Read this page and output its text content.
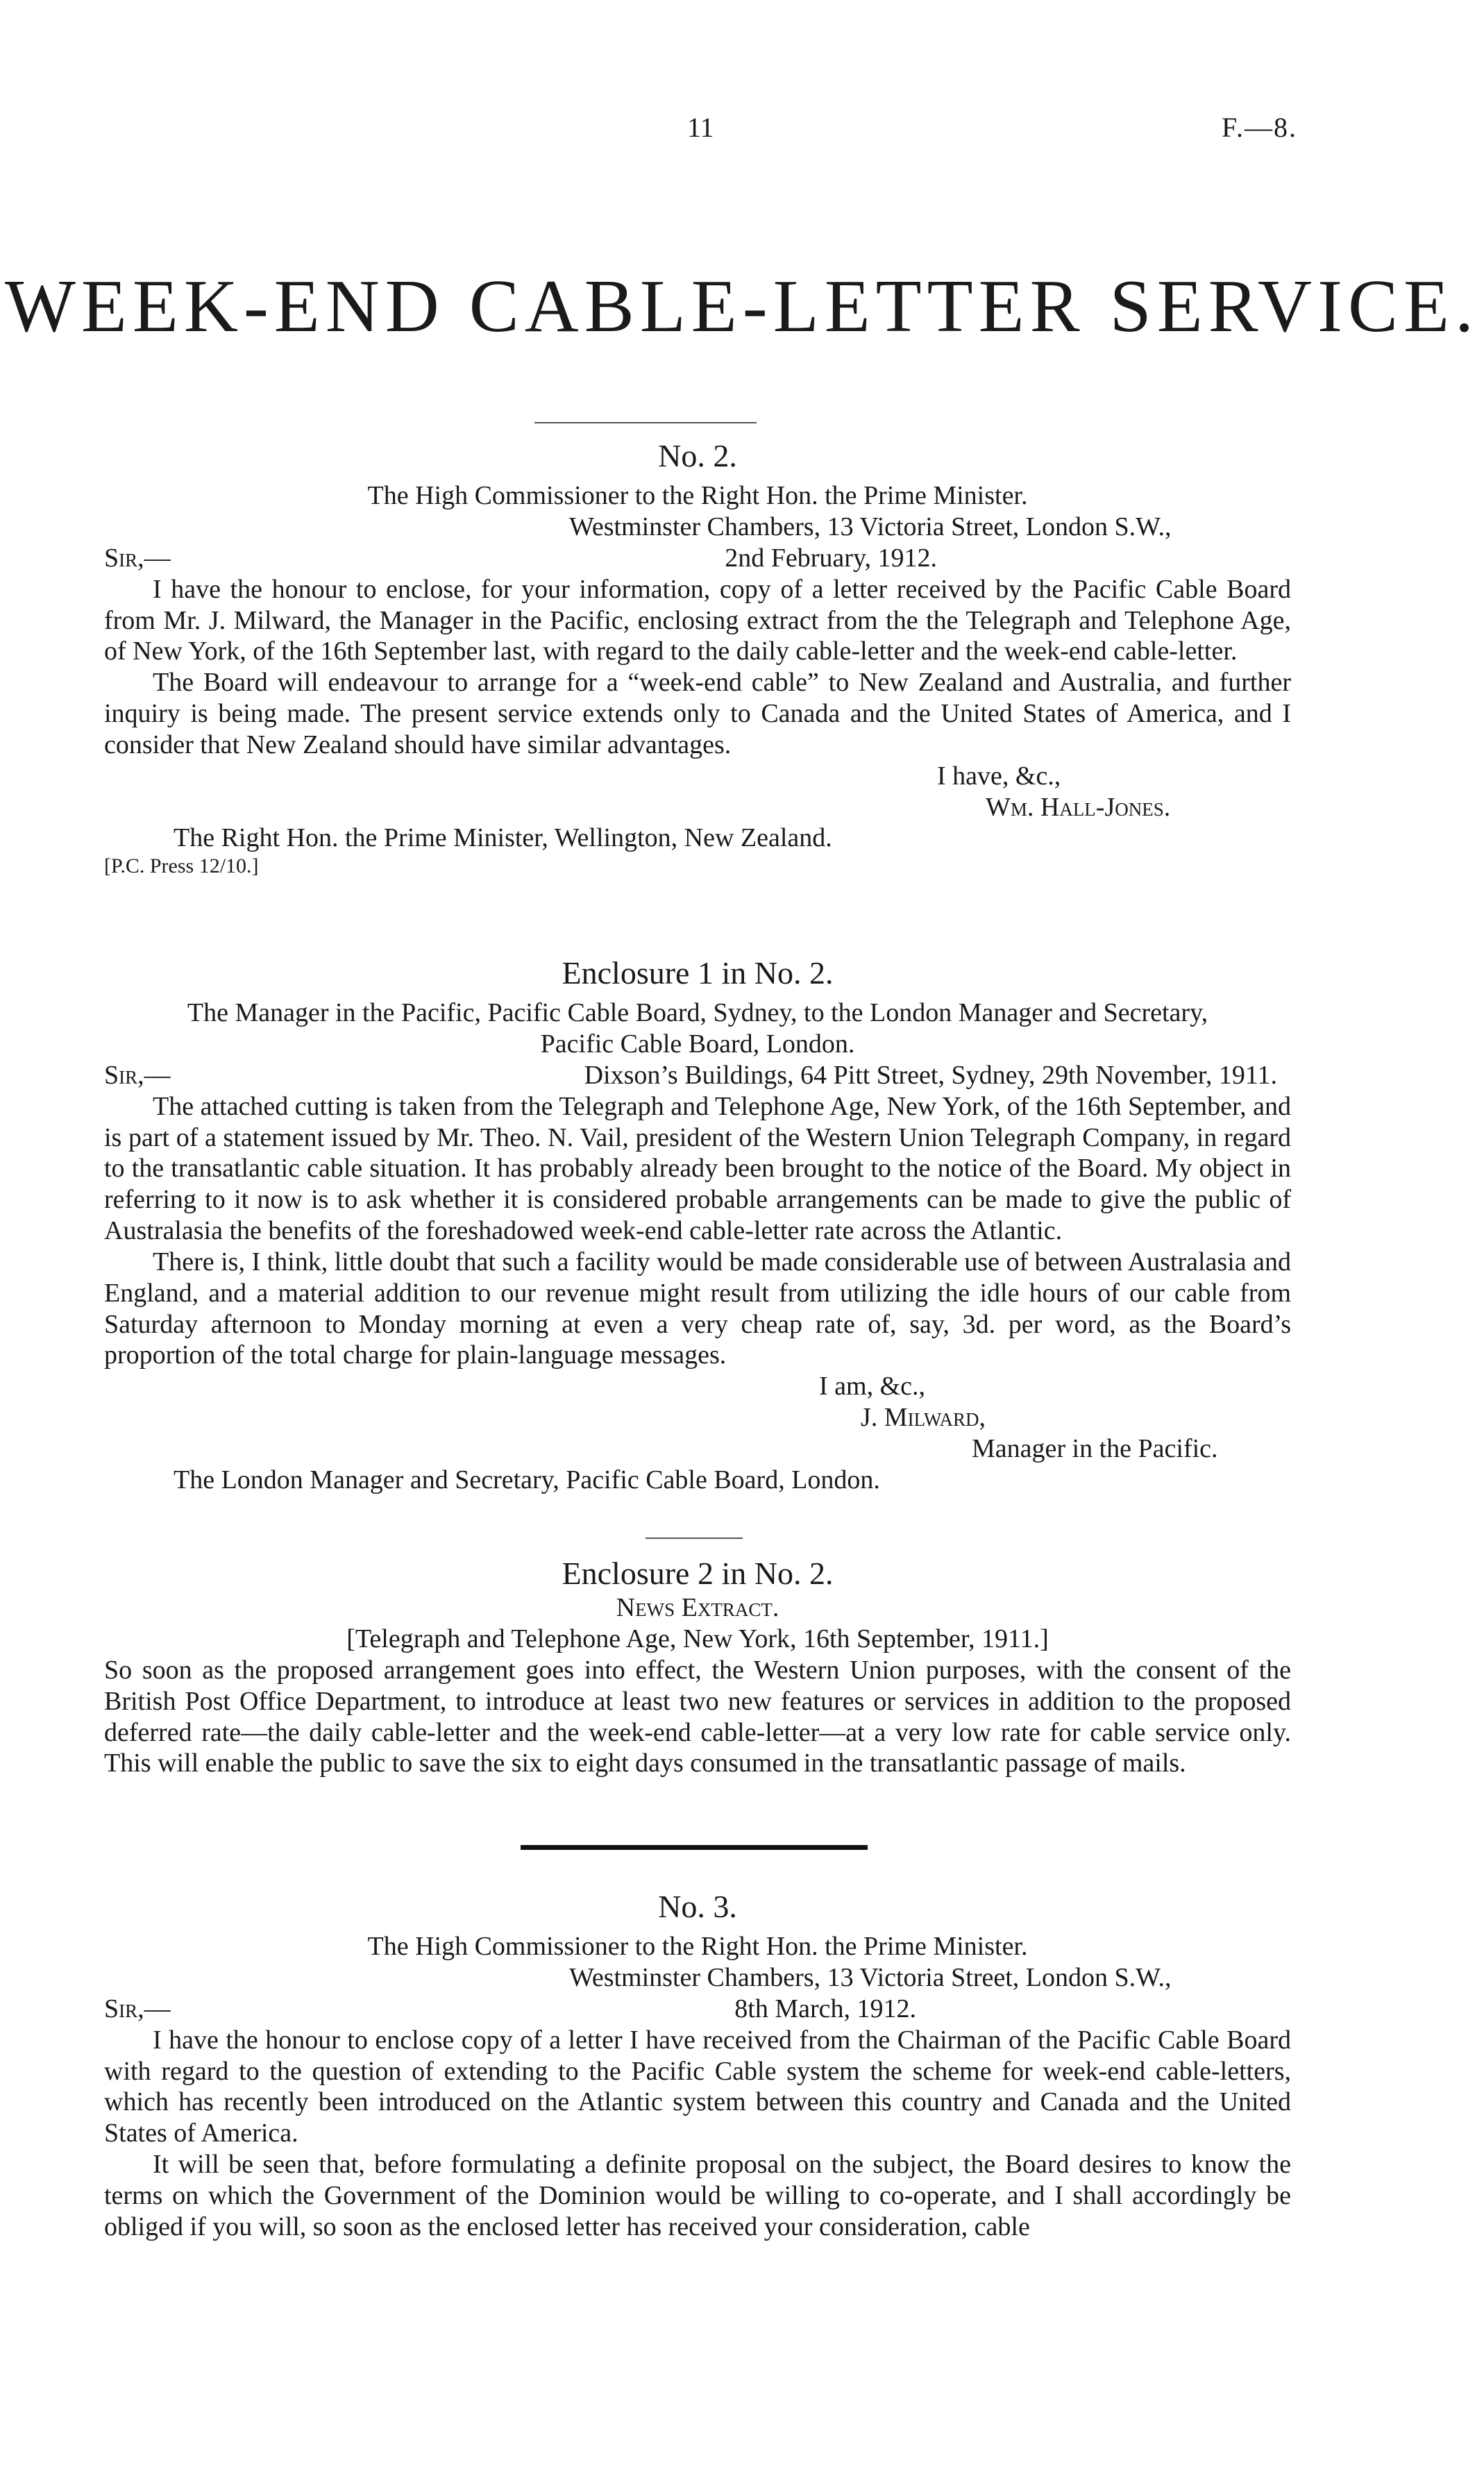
11	F.—8.
WEEK-END CABLE-LETTER SERVICE.
No. 2.
The High Commissioner to the Right Hon. the Prime Minister.
Westminster Chambers, 13 Victoria Street, London S.W.,
Sir,—	2nd February, 1912.

I have the honour to enclose, for your information, copy of a letter received by the Pacific Cable Board from Mr. J. Milward, the Manager in the Pacific, enclosing extract from the the Telegraph and Telephone Age, of New York, of the 16th September last, with regard to the daily cable-letter and the week-end cable-letter.

The Board will endeavour to arrange for a “week-end cable” to New Zealand and Australia, and further inquiry is being made. The present service extends only to Canada and the United States of America, and I consider that New Zealand should have similar advantages.

I have, &c.,
Wm. Hall-Jones.
The Right Hon. the Prime Minister, Wellington, New Zealand.
[P.C. Press 12/10.]
Enclosure 1 in No. 2.
The Manager in the Pacific, Pacific Cable Board, Sydney, to the London Manager and Secretary,
Pacific Cable Board, London.
Sir,—	Dixson’s Buildings, 64 Pitt Street, Sydney, 29th November, 1911.

The attached cutting is taken from the Telegraph and Telephone Age, New York, of the 16th September, and is part of a statement issued by Mr. Theo. N. Vail, president of the Western Union Telegraph Company, in regard to the transatlantic cable situation. It has probably already been brought to the notice of the Board. My object in referring to it now is to ask whether it is considered probable arrangements can be made to give the public of Australasia the benefits of the foreshadowed week-end cable-letter rate across the Atlantic.

There is, I think, little doubt that such a facility would be made considerable use of between Australasia and England, and a material addition to our revenue might result from utilizing the idle hours of our cable from Saturday afternoon to Monday morning at even a very cheap rate of, say, 3d. per word, as the Board’s proportion of the total charge for plain-language messages.

I am, &c.,
J. Milward,
Manager in the Pacific.
The London Manager and Secretary, Pacific Cable Board, London.
Enclosure 2 in No. 2.
News Extract.
[Telegraph and Telephone Age, New York, 16th September, 1911.]

So soon as the proposed arrangement goes into effect, the Western Union purposes, with the consent of the British Post Office Department, to introduce at least two new features or services in addition to the proposed deferred rate—the daily cable-letter and the week-end cable-letter—at a very low rate for cable service only. This will enable the public to save the six to eight days consumed in the transatlantic passage of mails.

No. 3.
The High Commissioner to the Right Hon. the Prime Minister.
Westminster Chambers, 13 Victoria Street, London S.W.,
Sir,—	8th March, 1912.

I have the honour to enclose copy of a letter I have received from the Chairman of the Pacific Cable Board with regard to the question of extending to the Pacific Cable system the scheme for week-end cable-letters, which has recently been introduced on the Atlantic system between this country and Canada and the United States of America.

It will be seen that, before formulating a definite proposal on the subject, the Board desires to know the terms on which the Government of the Dominion would be willing to co-operate, and I shall accordingly be obliged if you will, so soon as the enclosed letter has received your consideration, cable
